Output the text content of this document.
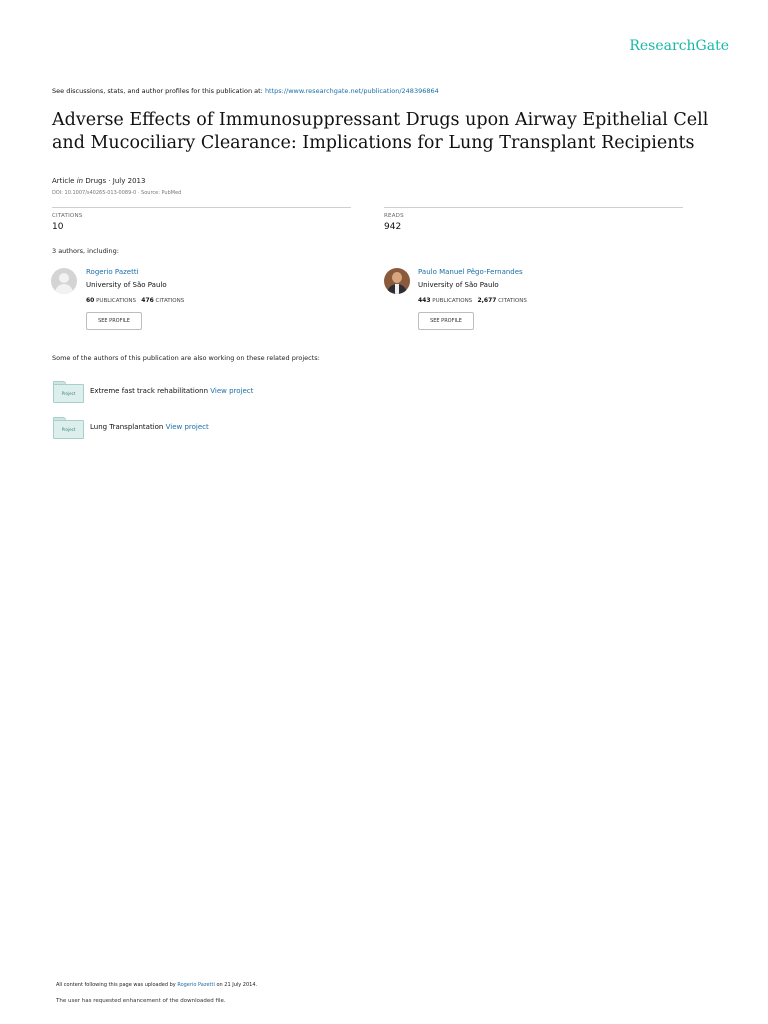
ResearchGate
See discussions, stats, and author profiles for this publication at: https://www.researchgate.net/publication/248396864
Adverse Effects of Immunosuppressant Drugs upon Airway Epithelial Cell and Mucociliary Clearance: Implications for Lung Transplant Recipients
Article in Drugs · July 2013
DOI: 10.1007/s40265-013-0089-0 · Source: PubMed
CITATIONS
10
READS
942
3 authors, including:
Rogerio Pazetti
University of São Paulo
60 PUBLICATIONS 476 CITATIONS
SEE PROFILE
Paulo Manuel Pêgo-Fernandes
University of São Paulo
443 PUBLICATIONS 2,677 CITATIONS
SEE PROFILE
Some of the authors of this publication are also working on these related projects:
Project	Extreme fast track rehabilitationn View project
Project	Lung Transplantation View project
All content following this page was uploaded by Rogerio Pazetti on 21 July 2014.
The user has requested enhancement of the downloaded file.
